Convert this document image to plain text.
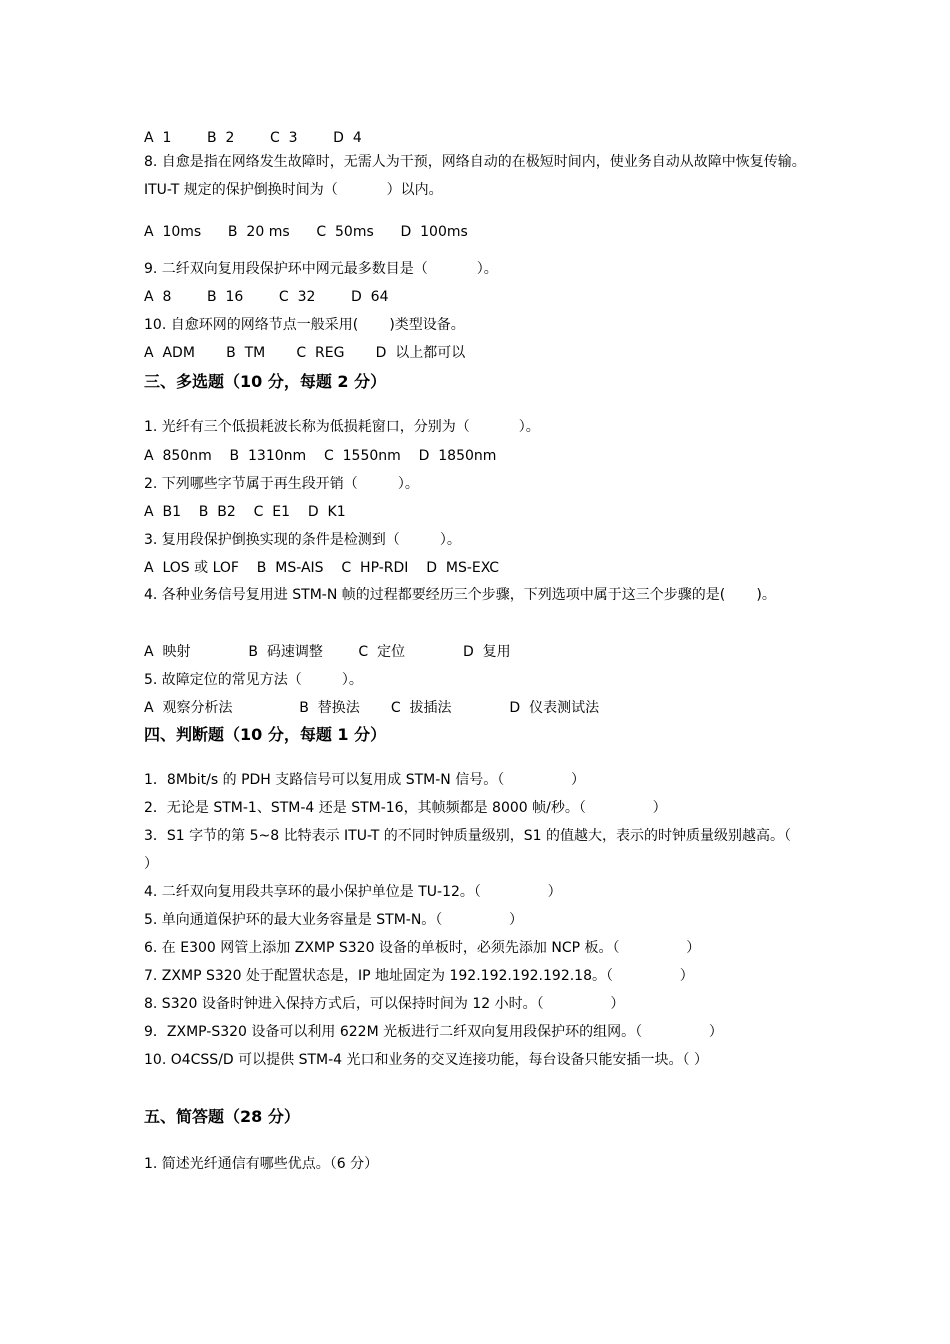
A  1        B  2        C  3        D  4
8. 自愈是指在网络发生故障时，无需人为干预，网络自动的在极短时间内，使业务自动从故障中恢复传输。ITU-T 规定的保护倒换时间为（           ）以内。
A  10ms      B  20 ms      C  50ms      D  100ms
9. 二纤双向复用段保护环中网元最多数目是（           ）。
A  8        B  16        C  32        D  64
10. 自愈环网的网络节点一般采用(       )类型设备。
A  ADM       B  TM       C  REG       D  以上都可以
三、多选题（10 分，每题 2 分）
1. 光纤有三个低损耗波长称为低损耗窗口，分别为（           ）。
A  850nm    B  1310nm    C  1550nm    D  1850nm
2. 下列哪些字节属于再生段开销（         ）。
A  B1    B  B2    C  E1    D  K1
3. 复用段保护倒换实现的条件是检测到（         ）。
A  LOS 或 LOF    B  MS-AIS    C  HP-RDI    D  MS-EXC
4. 各种业务信号复用进 STM-N 帧的过程都要经历三个步骤，下列选项中属于这三个步骤的是(       )。
A  映射             B  码速调整        C  定位             D  复用
5. 故障定位的常见方法（         ）。
A  观察分析法               B  替换法       C  拔插法             D  仪表测试法
四、判断题（10 分，每题 1 分）
1．8Mbit/s 的 PDH 支路信号可以复用成 STM-N 信号。（               ）
2．无论是 STM-1、STM-4 还是 STM-16，其帧频都是 8000 帧/秒。（               ）
3．S1 字节的第 5~8 比特表示 ITU-T 的不同时钟质量级别，S1 的值越大，表示的时钟质量级别越高。（               ）
4. 二纤双向复用段共享环的最小保护单位是 TU-12。（               ）
5. 单向通道保护环的最大业务容量是 STM-N。（               ）
6. 在 E300 网管上添加 ZXMP S320 设备的单板时，必须先添加 NCP 板。（               ）
7. ZXMP S320 处于配置状态是，IP 地址固定为 192.192.192.192.18。（               ）
8. S320 设备时钟进入保持方式后，可以保持时间为 12 小时。（               ）
9．ZXMP-S320 设备可以利用 622M 光板进行二纤双向复用段保护环的组网。（               ）
10. O4CSS/D 可以提供 STM-4 光口和业务的交叉连接功能，每台设备只能安插一块。（ ）
五、简答题（28 分）
1. 简述光纤通信有哪些优点。（6 分）
